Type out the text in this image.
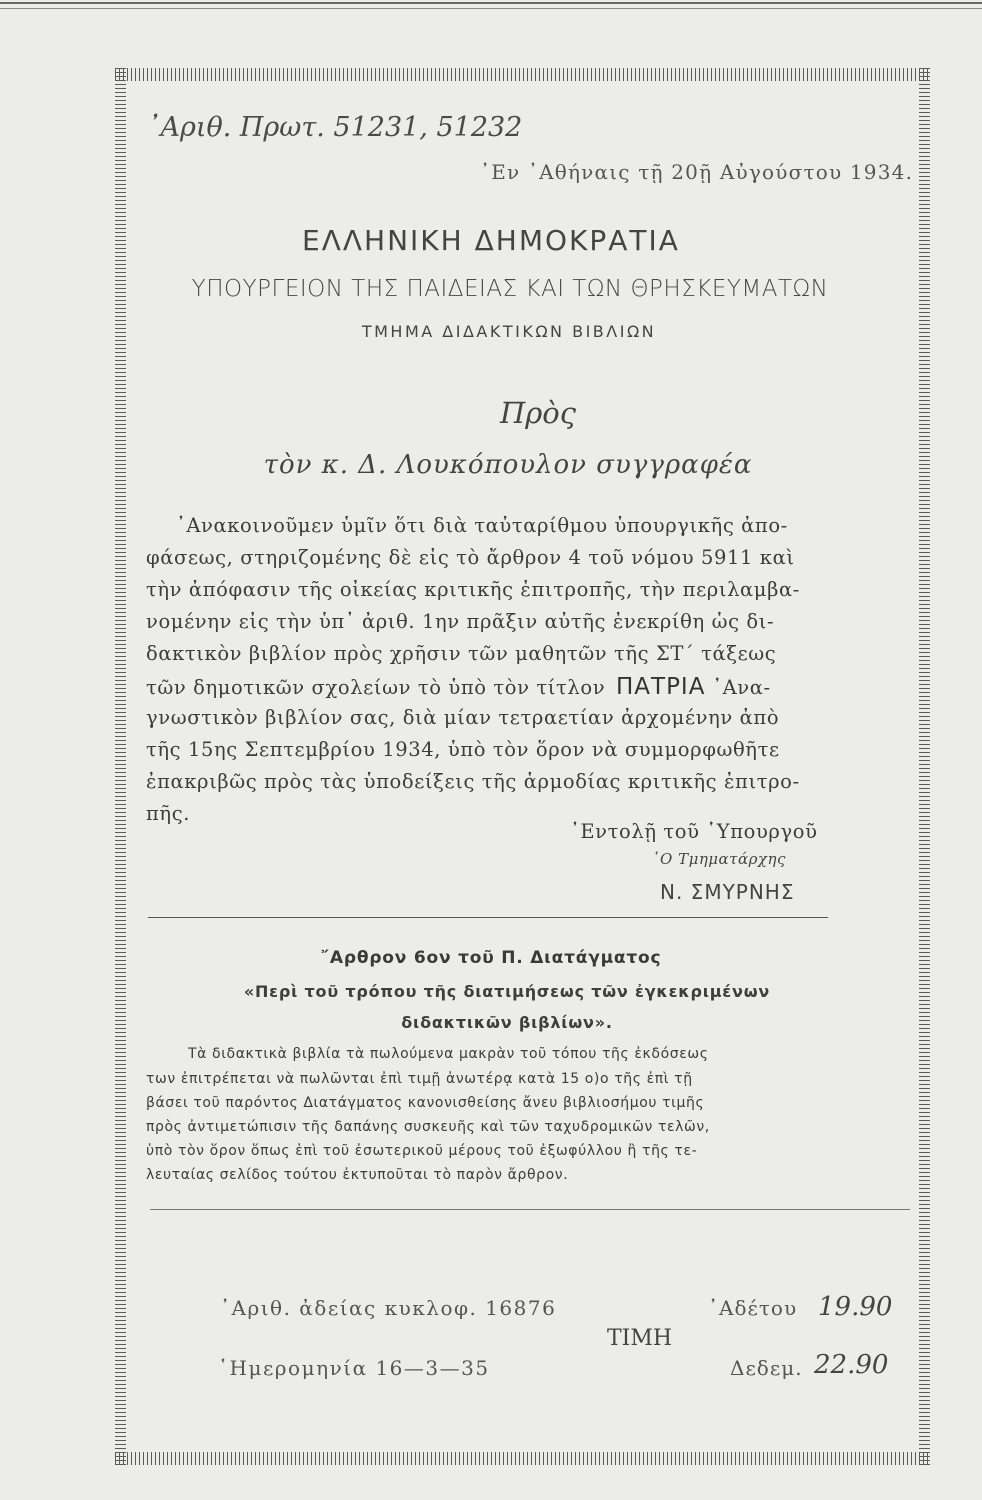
᾿Αριθ. Πρωτ. 51231, 51232
᾿Εν ᾿Αθήναις τῇ 20ῇ Αὐγούστου 1934.
ΕΛΛΗΝΙΚΗ ΔΗΜΟΚΡΑΤΙΑ
ΥΠΟΥΡΓΕΙΟΝ ΤΗΣ ΠΑΙΔΕΙΑΣ ΚΑΙ ΤΩΝ ΘΡΗΣΚΕΥΜΑΤΩΝ
ΤΜΗΜΑ ΔΙΔΑΚΤΙΚΩΝ ΒΙΒΛΙΩΝ
Πρὸς
τὸν κ. Δ. Λουκόπουλον συγγραφέα
᾿Ανακοινοῦμεν ὑμῖν ὅτι διὰ ταὐταρίθμου ὑπουργικῆς ἀπο-
φάσεως, στηριζομένης δὲ εἰς τὸ ἄρθρον 4 τοῦ νόμου 5911 καὶ
τὴν ἀπόφασιν τῆς οἰκείας κριτικῆς ἐπιτροπῆς, τὴν περιλαμβα-
νομένην εἰς τὴν ὑπ᾿ ἀριθ. 1ην πρᾶξιν αὐτῆς ἐνεκρίθη ὡς δι-
δακτικὸν βιβλίον πρὸς χρῆσιν τῶν μαθητῶν τῆς ΣΤ΄ τάξεως
τῶν δημοτικῶν σχολείων τὸ ὑπὸ τὸν τίτλον ΠΑΤΡΙΑ ᾿Ανα-
γνωστικὸν βιβλίον σας, διὰ μίαν τετραετίαν ἀρχομένην ἀπὸ
τῆς 15ης Σεπτεμβρίου 1934, ὑπὸ τὸν ὅρον νὰ συμμορφωθῆτε
ἐπακριβῶς πρὸς τὰς ὑποδείξεις τῆς ἁρμοδίας κριτικῆς ἐπιτρο-
πῆς.
᾿Εντολῇ τοῦ ῾Υπουργοῦ
῾Ο Τμηματάρχης
Ν. ΣΜΥΡΝΗΣ
῎Αρθρον 6ον τοῦ Π. Διατάγματος
«Περὶ τοῦ τρόπου τῆς διατιμήσεως τῶν ἐγκεκριμένων
διδακτικῶν βιβλίων».
Τὰ διδακτικὰ βιβλία τὰ πωλούμενα μακρὰν τοῦ τόπου τῆς ἐκδόσεως
των ἐπιτρέπεται νὰ πωλῶνται ἐπὶ τιμῇ ἀνωτέρᾳ κατὰ 15 ο)ο τῆς ἐπὶ τῇ
βάσει τοῦ παρόντος Διατάγματος κανονισθείσης ἄνευ βιβλιοσήμου τιμῆς
πρὸς ἀντιμετώπισιν τῆς δαπάνης συσκευῆς καὶ τῶν ταχυδρομικῶν τελῶν,
ὑπὸ τὸν ὅρον ὅπως ἐπὶ τοῦ ἐσωτερικοῦ μέρους τοῦ ἐξωφύλλου ἢ τῆς τε-
λευταίας σελίδος τούτου ἐκτυποῦται τὸ παρὸν ἄρθρον.
᾿Αριθ. ἀδείας κυκλοφ. 16876
῾Ημερομηνία 16—3—35
ΤΙΜΗ
᾿Αδέτου 19.90
Δεδεμ. 22.90
